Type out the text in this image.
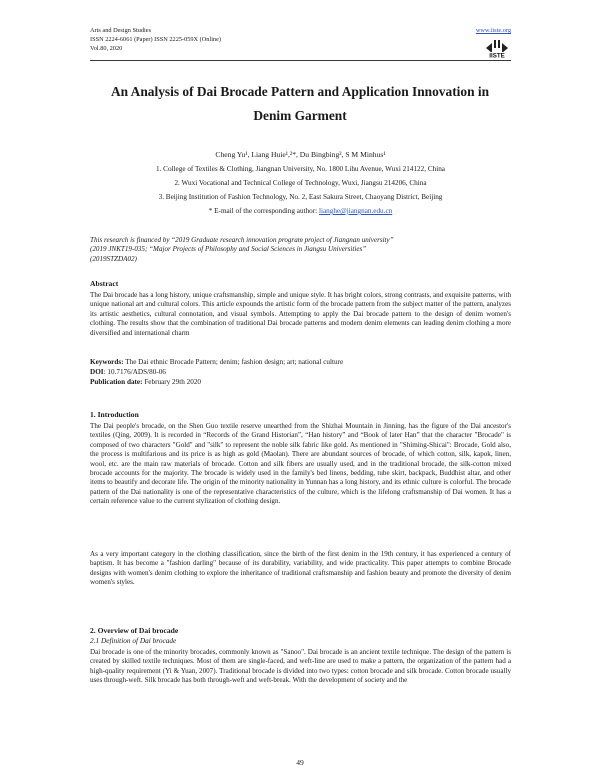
Arts and Design Studies
ISSN 2224-6061 (Paper) ISSN 2225-059X (Online)
Vol.80, 2020
www.iiste.org
IISTE
An Analysis of Dai Brocade Pattern and Application Innovation in
Denim Garment
Cheng Yu¹, Liang Huie¹,²*, Du Bingbing², S M Minhus¹
1. College of Textiles & Clothing, Jiangnan University, No. 1800 Lihu Avenue, Wuxi 214122, China
2. Wuxi Vocational and Technical College of Technology, Wuxi, Jiangsu 214206, China
3. Beijing Institution of Fashion Technology, No. 2, East Sakura Street, Chaoyang District, Beijing
* E-mail of the corresponding author: lianghe@jiangnan.edu.cn
This research is financed by “2019 Graduate research innovation program project of Jiangnan university”
(2019 JNKT19-035; “Major Projects of Philosophy and Social Sciences in Jiangsu Universities”
(2019STZDA02)
Abstract
The Dai brocade has a long history, unique craftsmanship, simple and unique style. It has bright colors, strong contrasts, and exquisite patterns, with unique national art and cultural colors. This article expounds the artistic form of the brocade pattern from the subject matter of the pattern, analyzes its artistic aesthetics, cultural connotation, and visual symbols. Attempting to apply the Dai brocade pattern to the design of denim women's clothing. The results show that the combination of traditional Dai brocade patterns and modern denim elements can leading denim clothing a more diversified and international charm
Keywords: The Dai ethnic Brocade Pattern; denim; fashion design; art; national culture
DOI: 10.7176/ADS/80-06
Publication date: February 29th 2020
1. Introduction
The Dai people's brocade, on the Shen Guo textile reserve unearthed from the Shizhai Mountain in Jinning, has the figure of the Dai ancestor's textiles (Qing, 2009). It is recorded in “Records of the Grand Historian”, “Han history” and “Book of later Han” that the character "Brocade" is composed of two characters "Gold" and "silk" to represent the noble silk fabric like gold. As mentioned in "Shiming-Shicai": Brocade, Gold also, the process is multifarious and its price is as high as gold (Maolan). There are abundant sources of brocade, of which cotton, silk, kapok, linen, wool, etc. are the main raw materials of brocade. Cotton and silk fibers are usually used, and in the traditional brocade, the silk-cotton mixed brocade accounts for the majority. The brocade is widely used in the family's bed linens, bedding, tube skirt, backpack, Buddhist altar, and other items to beautify and decorate life. The origin of the minority nationality in Yunnan has a long history, and its ethnic culture is colorful. The brocade pattern of the Dai nationality is one of the representative characteristics of the culture, which is the lifelong craftsmanship of Dai women. It has a certain reference value to the current stylization of clothing design.
As a very important category in the clothing classification, since the birth of the first denim in the 19th century, it has experienced a century of baptism. It has become a "fashion darling" because of its durability, variability, and wide practicality. This paper attempts to combine Brocade designs with women's denim clothing to explore the inheritance of traditional craftsmanship and fashion beauty and promote the diversity of denim women's styles.
2. Overview of Dai brocade
2.1 Definition of Dai brocade
Dai brocade is one of the minority brocades, commonly known as "Sanoo". Dai brocade is an ancient textile technique. The design of the pattern is created by skilled textile techniques. Most of them are single-faced, and weft-line are used to make a pattern, the organization of the pattern had a high-quality requirement (Yi & Yuan, 2007). Traditional brocade is divided into two types: cotton brocade and silk brocade. Cotton brocade usually uses through-weft. Silk brocade has both through-weft and weft-break. With the development of society and the
49
